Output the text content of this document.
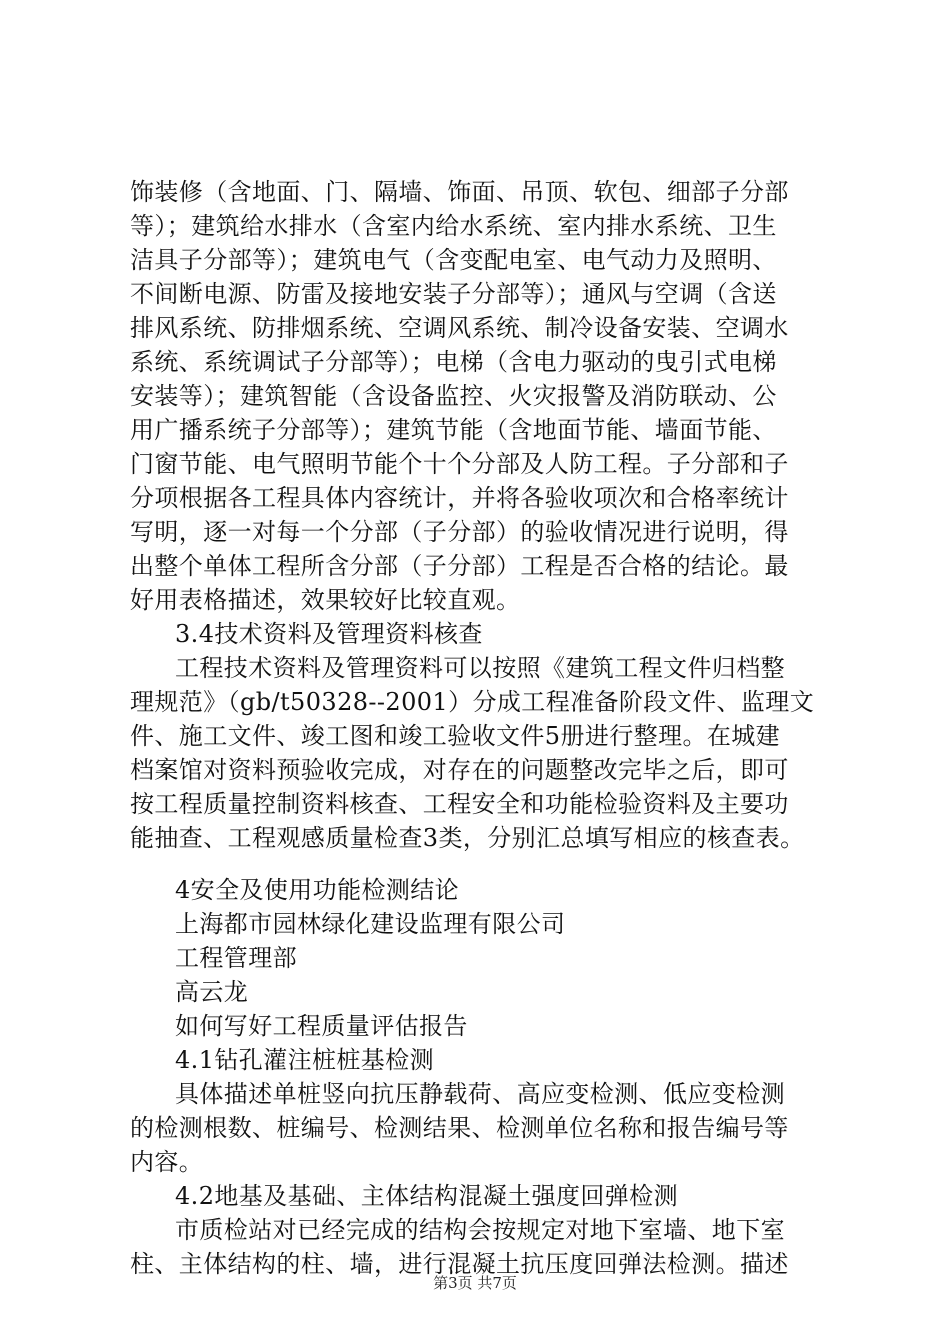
饰装修（含地面、门、隔墙、饰面、吊顶、软包、细部子分部
等）；建筑给水排水（含室内给水系统、室内排水系统、卫生
洁具子分部等）；建筑电气（含变配电室、电气动力及照明、
不间断电源、防雷及接地安装子分部等）；通风与空调（含送
排风系统、防排烟系统、空调风系统、制冷设备安装、空调水
系统、系统调试子分部等）；电梯（含电力驱动的曳引式电梯
安装等）；建筑智能（含设备监控、火灾报警及消防联动、公
用广播系统子分部等）；建筑节能（含地面节能、墙面节能、
门窗节能、电气照明节能个十个分部及人防工程。子分部和子
分项根据各工程具体内容统计，并将各验收项次和合格率统计
写明，逐一对每一个分部（子分部）的验收情况进行说明，得
出整个单体工程所含分部（子分部）工程是否合格的结论。最
好用表格描述，效果较好比较直观。
3.4技术资料及管理资料核查
工程技术资料及管理资料可以按照《建筑工程文件归档整
理规范》（gb/t50328--2001）分成工程准备阶段文件、监理文
件、施工文件、竣工图和竣工验收文件5册进行整理。在城建
档案馆对资料预验收完成，对存在的问题整改完毕之后，即可
按工程质量控制资料核查、工程安全和功能检验资料及主要功
能抽查、工程观感质量检查3类，分别汇总填写相应的核查表。
4安全及使用功能检测结论
上海都市园林绿化建设监理有限公司
工程管理部
高云龙
如何写好工程质量评估报告
4.1钻孔灌注桩桩基检测
具体描述单桩竖向抗压静载荷、高应变检测、低应变检测
的检测根数、桩编号、检测结果、检测单位名称和报告编号等
内容。
4.2地基及基础、主体结构混凝土强度回弹检测
市质检站对已经完成的结构会按规定对地下室墙、地下室
柱、主体结构的柱、墙，进行混凝土抗压度回弹法检测。描述
第3页 共7页
